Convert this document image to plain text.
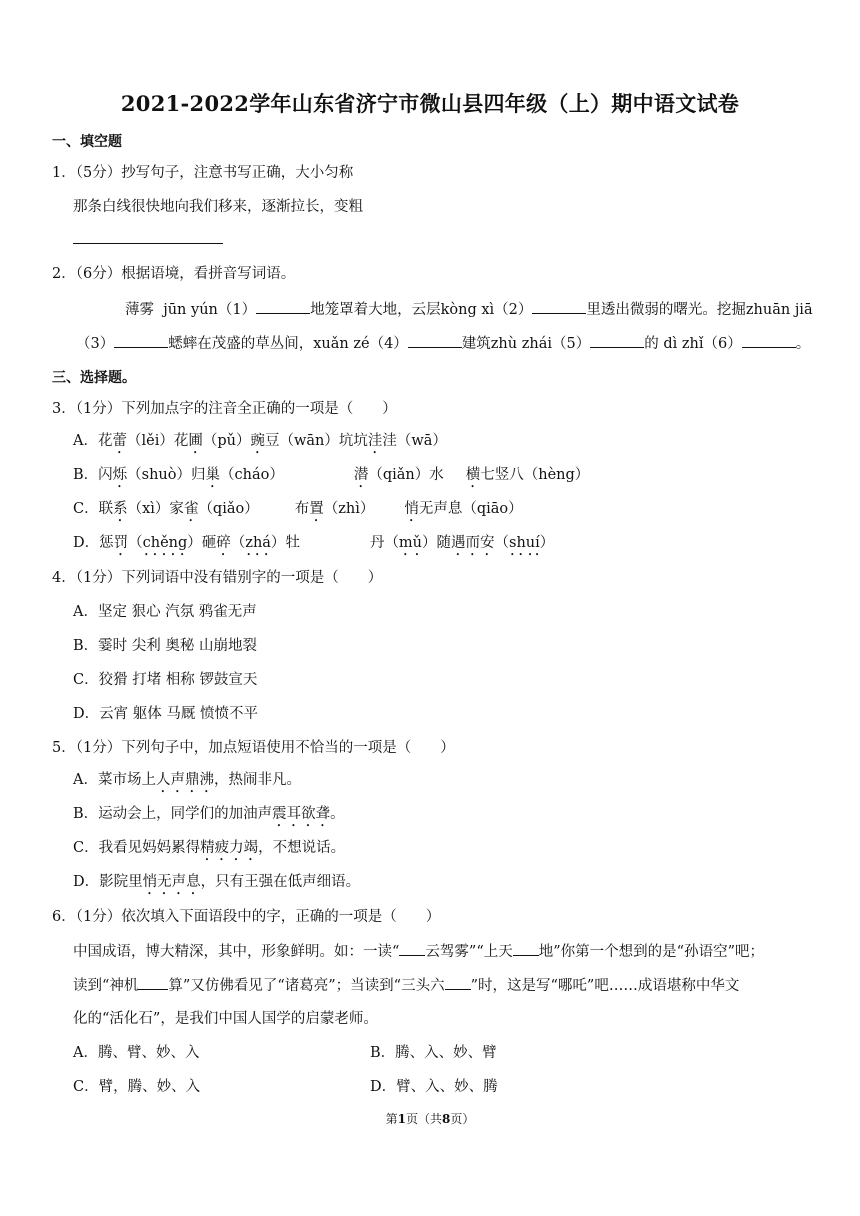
2021-2022学年山东省济宁市微山县四年级（上）期中语文试卷
一、填空题
1．（5分）抄写句子，注意书写正确，大小匀称
那条白线很快地向我们移来，逐渐拉长，变粗
2．（6分）根据语境，看拼音写词语。
薄雾 jūn yún（1）	地笼罩着大地，云层kòng xì（2）	里透出微弱的曙光。挖掘zhuān jiā
（3）	蟋蟀在茂盛的草丛间，xuǎn zé（4）	建筑zhù zhái（5）	的 dì zhǐ（6）	。
三、选择题。
3．（1分）下列加点字的注音全正确的一项是（　　）
A．花蕾（lěi）花圃（pǔ）豌豆（wān）坑坑洼洼（wā）
B．闪烁（shuò）归巢（cháo）	潜（qiǎn）水 横七竖八（hèng）
C．联系（xì）家雀（qiǎo） 布置（zhì） 悄无声息（qiāo）
D．惩罚（chěng）砸碎（zhá）牡	丹（mǔ）随遇而安（shuí）
4．（1分）下列词语中没有错别字的一项是（　　）
A．坚定 狠心 汽氛 鸦雀无声
B．霎时 尖利 奥秘 山崩地裂
C．狡猾 打堵 相称 锣鼓宣天
D．云宵 躯体 马厩 愤愤不平
5．（1分）下列句子中，加点短语使用不恰当的一项是（　　）
A．菜市场上人声鼎沸，热闹非凡。
B．运动会上，同学们的加油声震耳欲聋。
C．我看见妈妈累得精疲力竭，不想说话。
D．影院里悄无声息，只有王强在低声细语。
6．（1分）依次填入下面语段中的字，正确的一项是（　　）
中国成语，博大精深，其中，形象鲜明。如：一读“ 云驾雾”“上天 地”你第一个想到的是“孙语空”吧；
读到“神机 算”又仿佛看见了“诸葛亮”；当读到“三头六 ”时，这是写“哪吒”吧……成语堪称中华文
化的“活化石”，是我们中国人国学的启蒙老师。
A．腾、臂、妙、入	B．腾、入、妙、臂
C．臂，腾、妙、入	D．臂、入、妙、腾
第1页（共8页）
